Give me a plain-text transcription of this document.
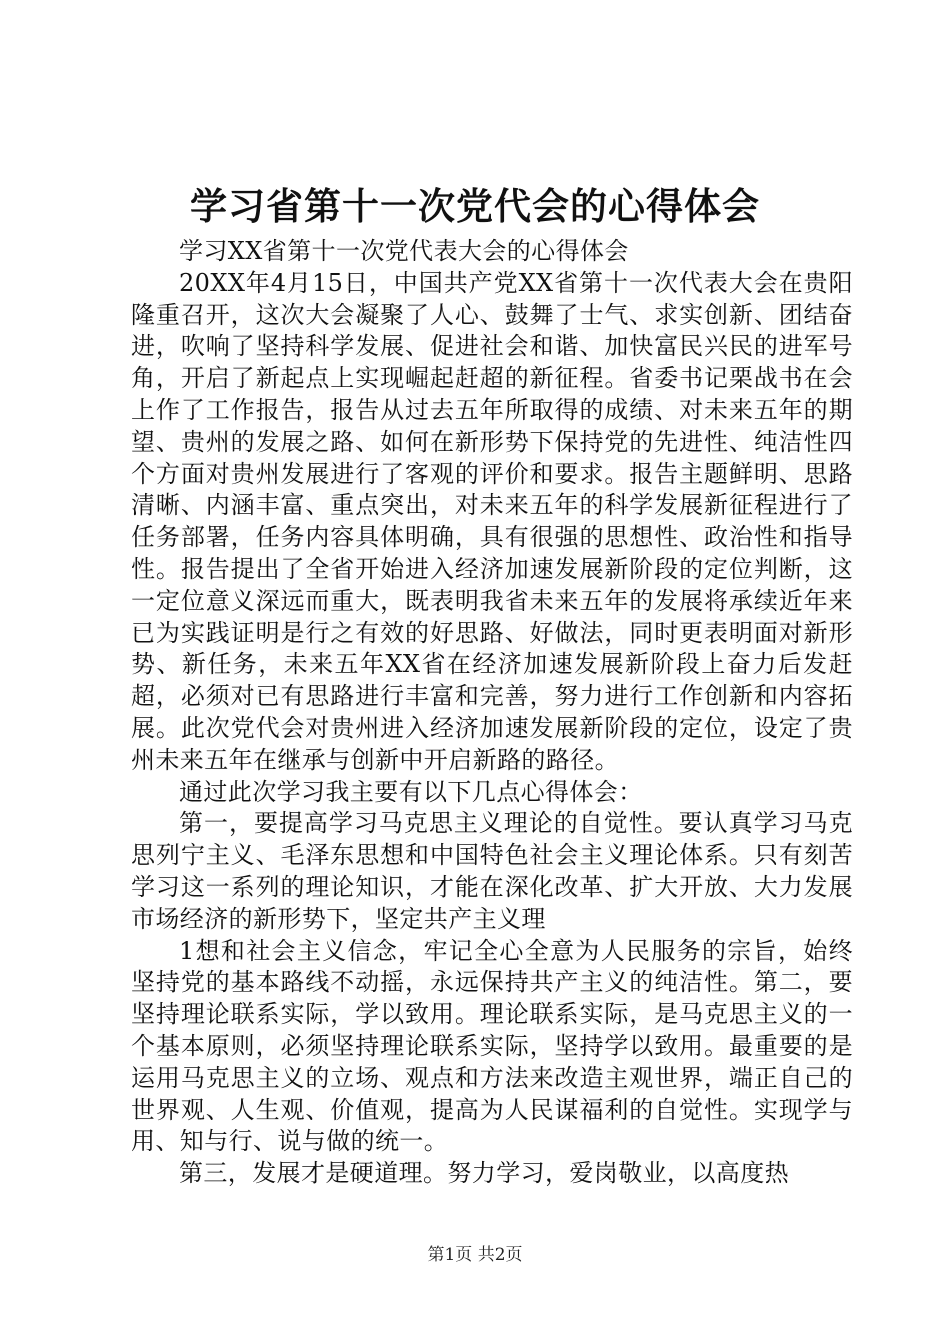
学习省第十一次党代会的心得体会

学习XX省第十一次党代表大会的心得体会

20XX年4月15日，中国共产党XX省第十一次代表大会在贵阳隆重召开，这次大会凝聚了人心、鼓舞了士气、求实创新、团结奋进，吹响了坚持科学发展、促进社会和谐、加快富民兴民的进军号角，开启了新起点上实现崛起赶超的新征程。省委书记栗战书在会上作了工作报告，报告从过去五年所取得的成绩、对未来五年的期望、贵州的发展之路、如何在新形势下保持党的先进性、纯洁性四个方面对贵州发展进行了客观的评价和要求。报告主题鲜明、思路清晰、内涵丰富、重点突出，对未来五年的科学发展新征程进行了任务部署，任务内容具体明确，具有很强的思想性、政治性和指导性。报告提出了全省开始进入经济加速发展新阶段的定位判断，这一定位意义深远而重大，既表明我省未来五年的发展将承续近年来已为实践证明是行之有效的好思路、好做法，同时更表明面对新形势、新任务，未来五年XX省在经济加速发展新阶段上奋力后发赶超，必须对已有思路进行丰富和完善，努力进行工作创新和内容拓展。此次党代会对贵州进入经济加速发展新阶段的定位，设定了贵州未来五年在继承与创新中开启新路的路径。

通过此次学习我主要有以下几点心得体会：

第一，要提高学习马克思主义理论的自觉性。要认真学习马克思列宁主义、毛泽东思想和中国特色社会主义理论体系。只有刻苦学习这一系列的理论知识，才能在深化改革、扩大开放、大力发展市场经济的新形势下，坚定共产主义理

1想和社会主义信念，牢记全心全意为人民服务的宗旨，始终坚持党的基本路线不动摇，永远保持共产主义的纯洁性。第二，要坚持理论联系实际，学以致用。理论联系实际，是马克思主义的一个基本原则，必须坚持理论联系实际，坚持学以致用。最重要的是运用马克思主义的立场、观点和方法来改造主观世界，端正自己的世界观、人生观、价值观，提高为人民谋福利的自觉性。实现学与用、知与行、说与做的统一。

第三，发展才是硬道理。努力学习，爱岗敬业，以高度热

第1页 共2页
